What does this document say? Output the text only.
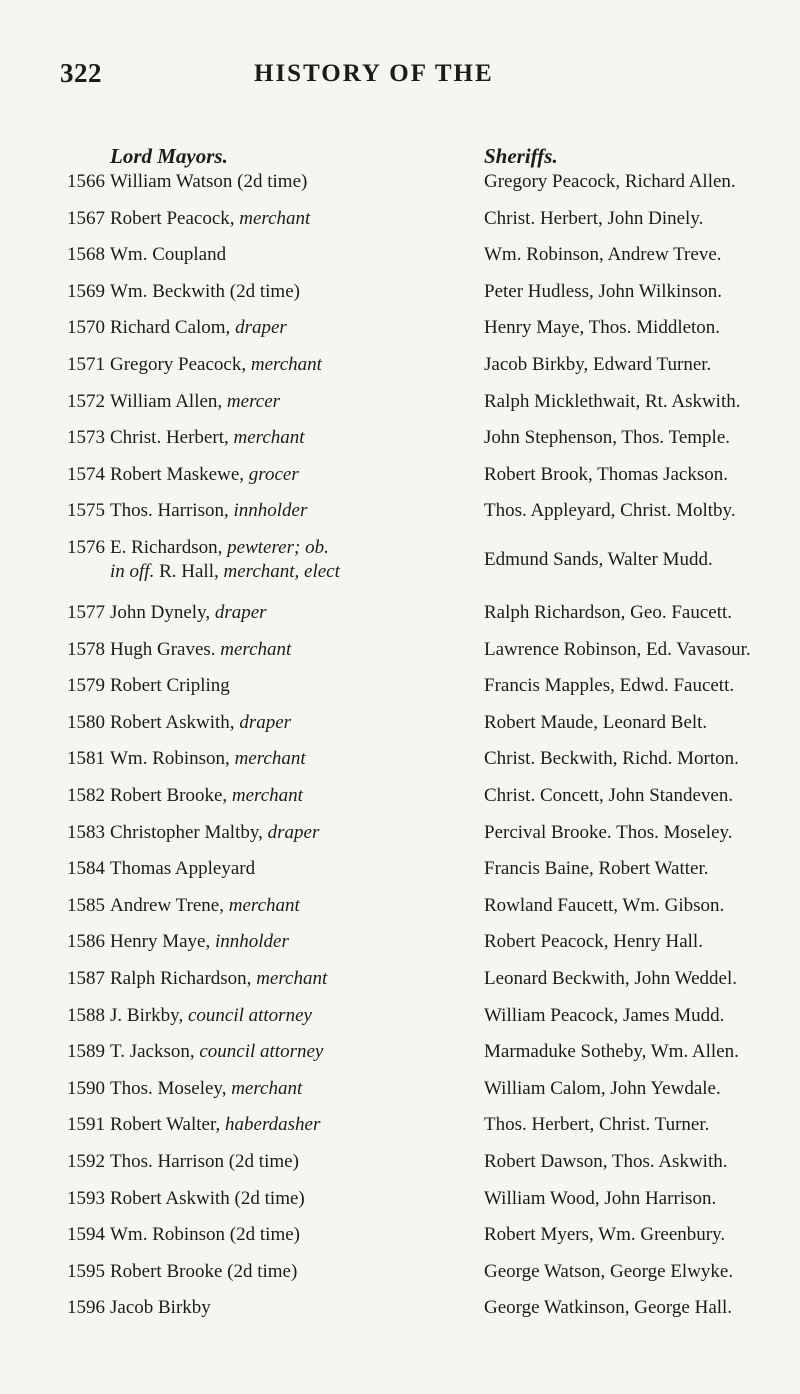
322	HISTORY OF THE
Lord Mayors.	Sheriffs.
1566 William Watson (2d time)	Gregory Peacock, Richard Allen.
1567 Robert Peacock, merchant	Christ. Herbert, John Dinely.
1568 Wm. Coupland	Wm. Robinson, Andrew Treve.
1569 Wm. Beckwith (2d time)	Peter Hudless, John Wilkinson.
1570 Richard Calom, draper	Henry Maye, Thos. Middleton.
1571 Gregory Peacock, merchant	Jacob Birkby, Edward Turner.
1572 William Allen, mercer	Ralph Micklethwait, Rt. Askwith.
1573 Christ. Herbert, merchant	John Stephenson, Thos. Temple.
1574 Robert Maskewe, grocer	Robert Brook, Thomas Jackson.
1575 Thos. Harrison, innholder	Thos. Appleyard, Christ. Moltby.
1576 E. Richardson, pewterer; ob.
in off. R. Hall, merchant, elect
Edmund Sands, Walter Mudd.
1577 John Dynely, draper	Ralph Richardson, Geo. Faucett.
1578 Hugh Graves. merchant	Lawrence Robinson, Ed. Vavasour.
1579 Robert Cripling	Francis Mapples, Edwd. Faucett.
1580 Robert Askwith, draper	Robert Maude, Leonard Belt.
1581 Wm. Robinson, merchant	Christ. Beckwith, Richd. Morton.
1582 Robert Brooke, merchant	Christ. Concett, John Standeven.
1583 Christopher Maltby, draper	Percival Brooke. Thos. Moseley.
1584 Thomas Appleyard	Francis Baine, Robert Watter.
1585 Andrew Trene, merchant	Rowland Faucett, Wm. Gibson.
1586 Henry Maye, innholder	Robert Peacock, Henry Hall.
1587 Ralph Richardson, merchant	Leonard Beckwith, John Weddel.
1588 J. Birkby, council attorney	William Peacock, James Mudd.
1589 T. Jackson, council attorney	Marmaduke Sotheby, Wm. Allen.
1590 Thos. Moseley, merchant	William Calom, John Yewdale.
1591 Robert Walter, haberdasher	Thos. Herbert, Christ. Turner.
1592 Thos. Harrison (2d time)	Robert Dawson, Thos. Askwith.
1593 Robert Askwith (2d time)	William Wood, John Harrison.
1594 Wm. Robinson (2d time)	Robert Myers, Wm. Greenbury.
1595 Robert Brooke (2d time)	George Watson, George Elwyke.
1596 Jacob Birkby	George Watkinson, George Hall.
